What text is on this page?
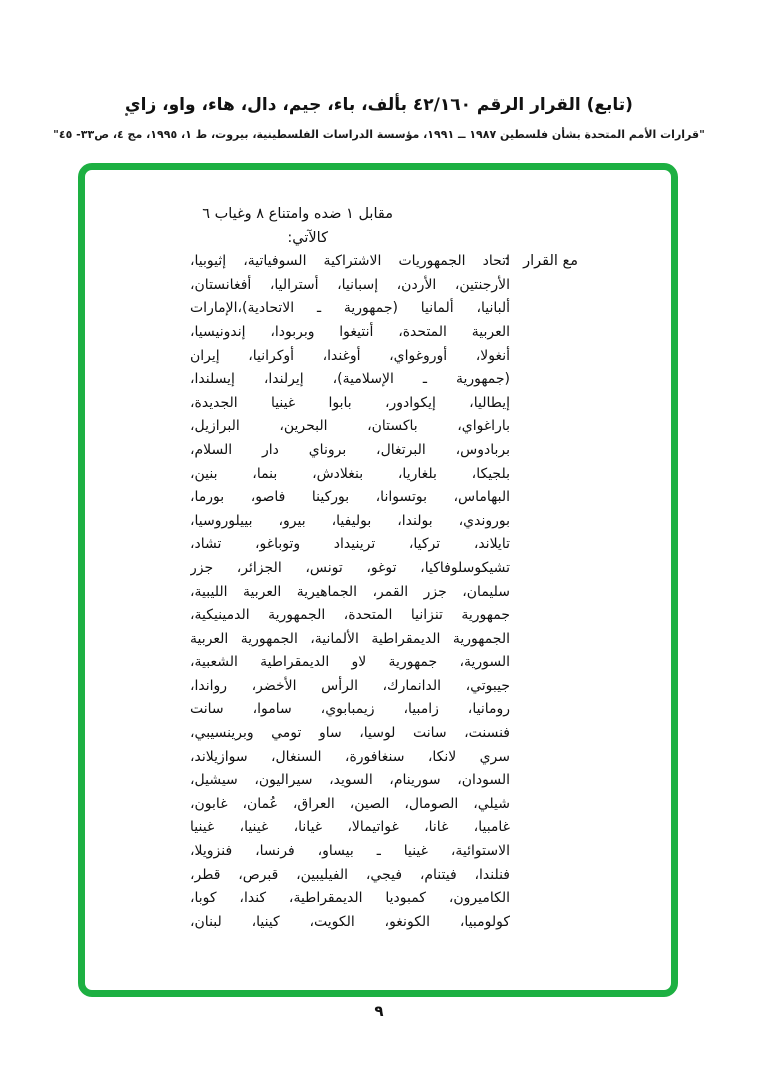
(تابع) القرار الرقم ٤٢/١٦٠ بألف، باء، جيم، دال، هاء، واو، زاي
"قرارات الأمم المتحدة بشأن فلسطين ١٩٨٧ ــ ١٩٩١، مؤسسة الدراسات الفلسطينية، بيروت، ط ١، ١٩٩٥، مج ٤، ص٣٣- ٤٥"
مقابل ١ ضده وامتناع ٨ وغياب ٦
كالآتي:
مع القرار   :
اتحاد الجمهوريات الاشتراكية السوفياتية، إثيوبيا،
الأرجنتين، الأردن، إسبانيا، أستراليا، أفغانستان،
ألبانيا، ألمانيا (جمهورية ـ الاتحادية)،الإمارات
العربية المتحدة، أنتيغوا وبربودا، إندونيسيا،
أنغولا، أوروغواي، أوغندا، أوكرانيا، إيران
(جمهورية ـ الإسلامية)، إيرلندا، إيسلندا،
إيطاليا، إيكوادور، بابوا غينيا الجديدة،
باراغواي، باكستان، البحرين، البرازيل،
بربادوس، البرتغال، بروناي دار السلام،
بلجيكا، بلغاريا، بنغلادش، بنما، بنين،
البهاماس، بوتسوانا، بوركينا فاصو، بورما،
بوروندي، بولندا، بوليفيا، بيرو، بييلوروسيا،
تايلاند، تركيا، ترينيداد وتوباغو، تشاد،
تشيكوسلوفاكيا، توغو، تونس، الجزائر، جزر
سليمان، جزر القمر، الجماهيرية العربية الليبية،
جمهورية تنزانيا المتحدة، الجمهورية الدمينيكية،
الجمهورية الديمقراطية الألمانية، الجمهورية العربية
السورية، جمهورية لاو الديمقراطية الشعبية،
جيبوتي، الدانمارك، الرأس الأخضر، رواندا،
رومانيا، زامبيا، زيمبابوي، ساموا، سانت
فنسنت، سانت لوسيا، ساو تومي وبرينسيبي،
سري لانكا، سنغافورة، السنغال، سوازيلاند،
السودان، سورينام، السويد، سيراليون، سيشيل،
شيلي، الصومال، الصين، العراق، عُمان، غابون،
غامبيا، غانا، غواتيمالا، غيانا، غينيا، غينيا
الاستوائية، غينيا ـ بيساو، فرنسا، فنزويلا،
فنلندا، فيتنام، فيجي، الفيليبين، قبرص، قطر،
الكاميرون، كمبوديا الديمقراطية، كندا، كوبا،
كولومبيا، الكونغو، الكويت، كينيا، لبنان،
٩
